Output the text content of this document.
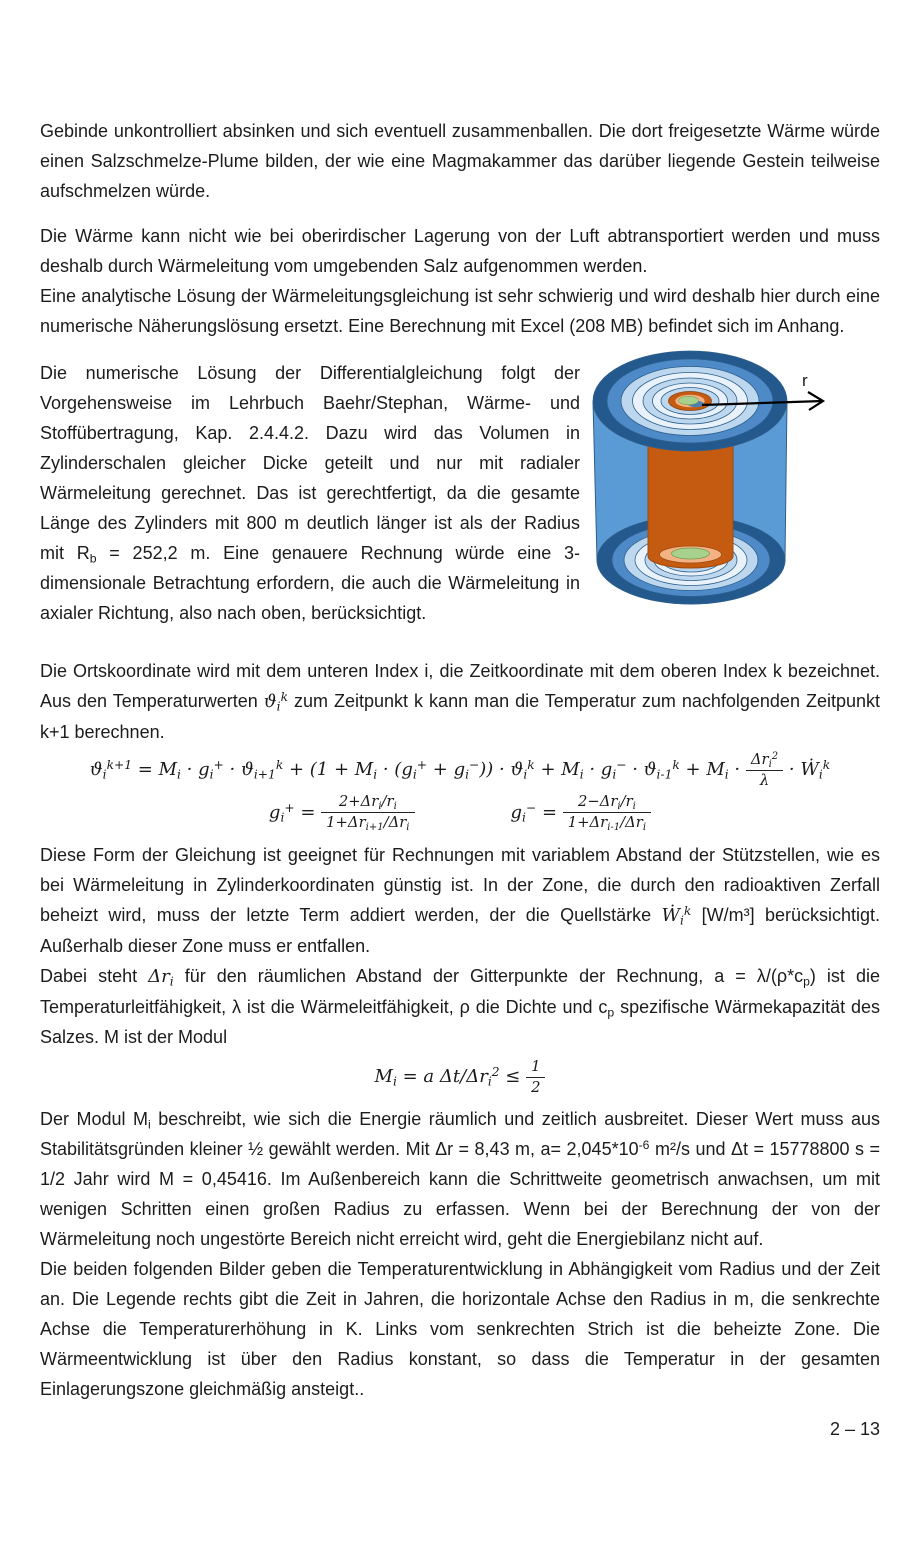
Gebinde unkontrolliert absinken und sich eventuell zusammenballen. Die dort freigesetzte Wärme würde einen Salzschmelze-Plume bilden, der wie eine Magmakammer das darüber liegende Gestein teilweise aufschmelzen würde.

Die Wärme kann nicht wie bei oberirdischer Lagerung von der Luft abtransportiert werden und muss deshalb durch Wärmeleitung vom umgebenden Salz aufgenommen werden.

Eine analytische Lösung der Wärmeleitungsgleichung ist sehr schwierig und wird deshalb hier durch eine numerische Näherungslösung ersetzt. Eine Berechnung mit Excel (208 MB) befindet sich im Anhang.

Die numerische Lösung der Differentialgleichung folgt der Vorgehensweise im Lehrbuch Baehr/Stephan, Wärme- und Stoffübertragung, Kap. 2.4.4.2. Dazu wird das Volumen in Zylinderschalen gleicher Dicke geteilt und nur mit radialer Wärmeleitung gerechnet. Das ist gerechtfertigt, da die gesamte Länge des Zylinders mit 800 m deutlich länger ist als der Radius mit $R_b = 252,2$ m. Eine genauere Rechnung würde eine 3-dimensionale Betrachtung erfordern, die auch die Wärmeleitung in axialer Richtung, also nach oben, berücksichtigt.

r

Die Ortskoordinate wird mit dem unteren Index i, die Zeitkoordinate mit dem oberen Index k bezeichnet. Aus den Temperaturwerten $ϑ_i^k$ zum Zeitpunkt k kann man die Temperatur zum nachfolgenden Zeitpunkt k+1 berechnen.

$ϑ_i^{k+1} = M_i \cdot g_i^+ \cdot ϑ_{i+1}^k + (1 + M_i \cdot (g_i^+ + g_i^-)) \cdot ϑ_i^k + M_i \cdot g_i^- \cdot ϑ_{i-1}^k + M_i \cdot \frac{\Delta r_i^2}{\lambda}$ · Ẇ$_i^k$
$g_i^+ = \frac{2+\Delta r_i/r_i}{1+\Delta r_{i+1}/\Delta r_i}$	$g_i^- = \frac{2-\Delta r_i/r_i}{1+\Delta r_{i-1}/\Delta r_i}$

Diese Form der Gleichung ist geeignet für Rechnungen mit variablem Abstand der Stützstellen, wie es bei Wärmeleitung in Zylinderkoordinaten günstig ist. In der Zone, die durch den radioaktiven Zerfall beheizt wird, muss der letzte Term addiert werden, der die Quellstärke Ẇ$_i^k$ [W/m³] berücksichtigt. Außerhalb dieser Zone muss er entfallen.

Dabei steht $\Delta r_i$ für den räumlichen Abstand der Gitterpunkte der Rechnung, $a = \lambda/(\rho*c_p)$ ist die Temperaturleitfähigkeit, λ ist die Wärmeleitfähigkeit, ρ die Dichte und $c_p$ spezifische Wärmekapazität des Salzes. M ist der Modul

$M_i = a$ $\Delta t/\Delta r_i^2 \le \frac{1}{2}$

Der Modul $M_i$ beschreibt, wie sich die Energie räumlich und zeitlich ausbreitet. Dieser Wert muss aus Stabilitätsgründen kleiner ½ gewählt werden. Mit Δr = 8,43 m, $a= 2,045*10^{-6}$ m²/s und Δt = 15778800 s = 1/2 Jahr wird M = 0,45416. Im Außenbereich kann die Schrittweite geometrisch anwachsen, um mit wenigen Schritten einen großen Radius zu erfassen. Wenn bei der Berechnung der von der Wärmeleitung noch ungestörte Bereich nicht erreicht wird, geht die Energiebilanz nicht auf.

Die beiden folgenden Bilder geben die Temperaturentwicklung in Abhängigkeit vom Radius und der Zeit an. Die Legende rechts gibt die Zeit in Jahren, die horizontale Achse den Radius in m, die senkrechte Achse die Temperaturerhöhung in K. Links vom senkrechten Strich ist die beheizte Zone. Die Wärmeentwicklung ist über den Radius konstant, so dass die Temperatur in der gesamten Einlagerungszone gleichmäßig ansteigt..

2 – 13
